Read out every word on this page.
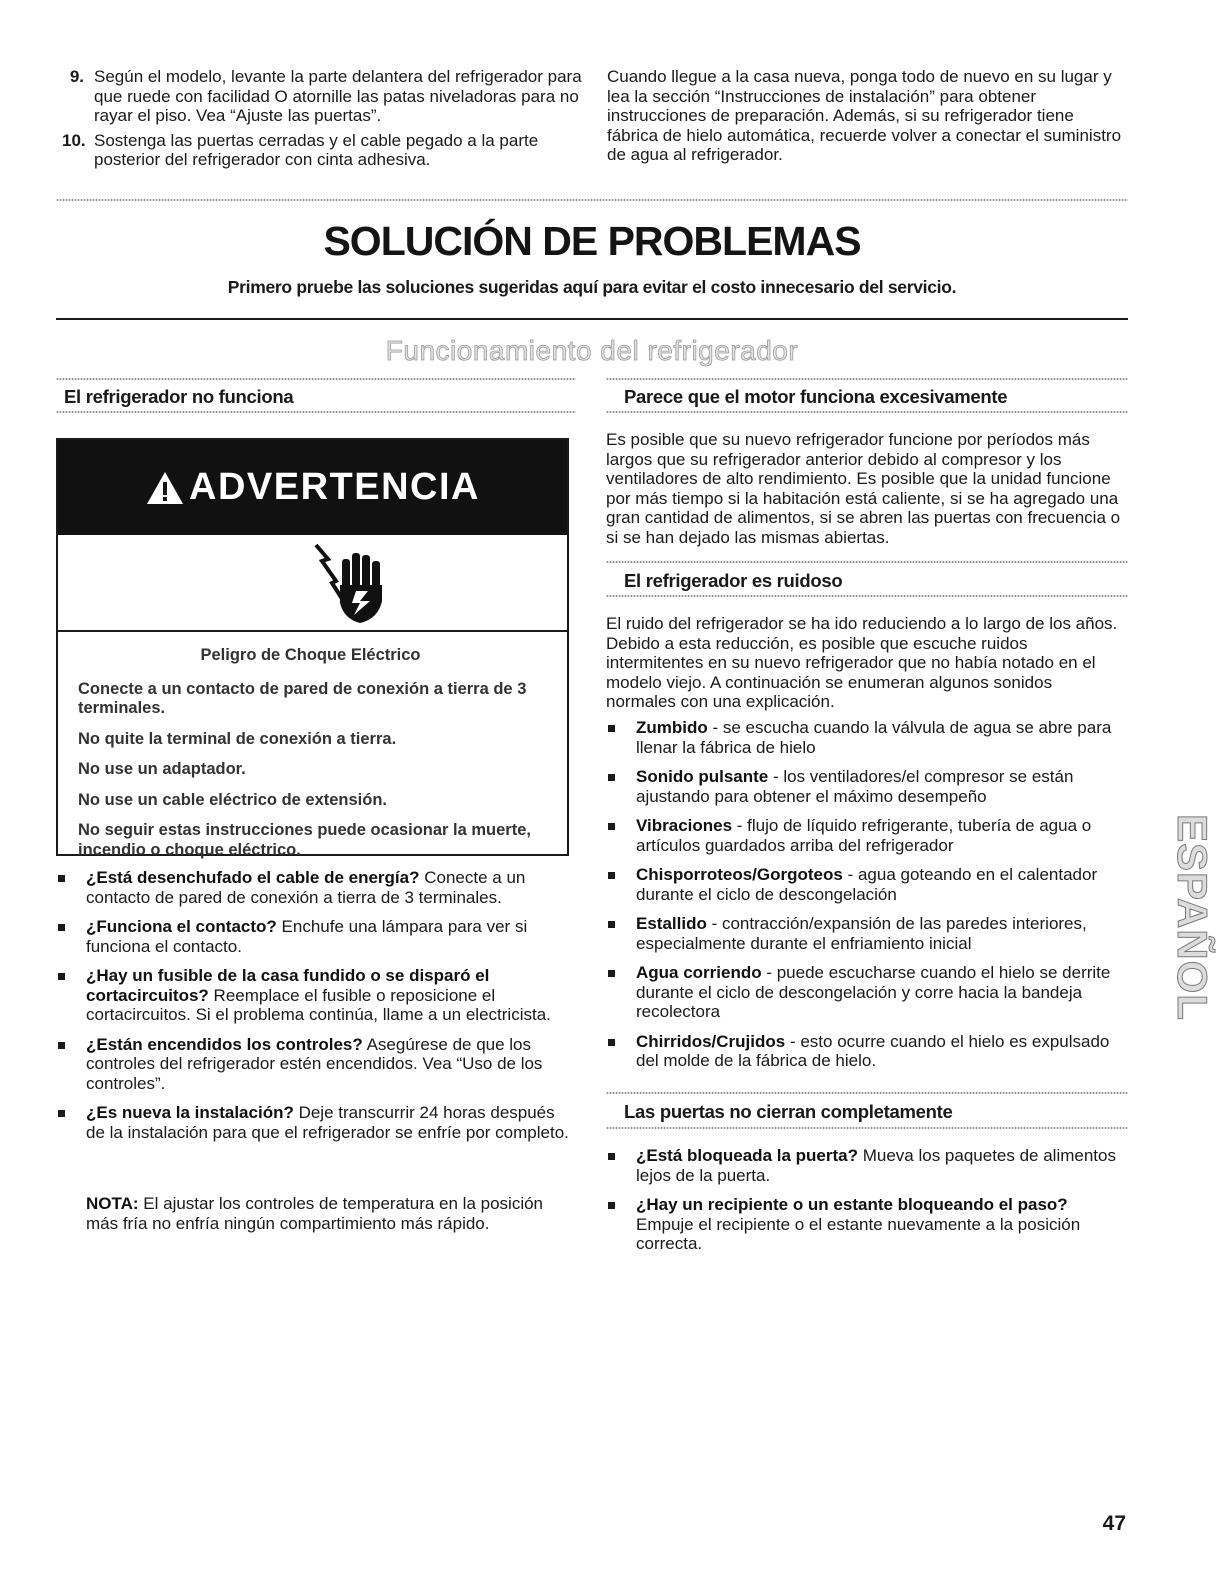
9. Según el modelo, levante la parte delantera del refrigerador para que ruede con facilidad O atornille las patas niveladoras para no rayar el piso. Vea “Ajuste las puertas”.
10. Sostenga las puertas cerradas y el cable pegado a la parte posterior del refrigerador con cinta adhesiva.

Cuando llegue a la casa nueva, ponga todo de nuevo en su lugar y lea la sección “Instrucciones de instalación” para obtener instrucciones de preparación. Además, si su refrigerador tiene fábrica de hielo automática, recuerde volver a conectar el suministro de agua al refrigerador.

SOLUCIÓN DE PROBLEMAS
Primero pruebe las soluciones sugeridas aquí para evitar el costo innecesario del servicio.
Funcionamiento del refrigerador
El refrigerador no funciona
ADVERTENCIA
Peligro de Choque Eléctrico

Conecte a un contacto de pared de conexión a tierra de 3 terminales.

No quite la terminal de conexión a tierra.

No use un adaptador.

No use un cable eléctrico de extensión.

No seguir estas instrucciones puede ocasionar la muerte, incendio o choque eléctrico.

¿Está desenchufado el cable de energía? Conecte a un contacto de pared de conexión a tierra de 3 terminales.
¿Funciona el contacto? Enchufe una lámpara para ver si funciona el contacto.
¿Hay un fusible de la casa fundido o se disparó el cortacircuitos? Reemplace el fusible o reposicione el cortacircuitos. Si el problema continúa, llame a un electricista.
¿Están encendidos los controles? Asegúrese de que los controles del refrigerador estén encendidos. Vea “Uso de los controles”.
¿Es nueva la instalación? Deje transcurrir 24 horas después de la instalación para que el refrigerador se enfríe por completo.

NOTA: El ajustar los controles de temperatura en la posición más fría no enfría ningún compartimiento más rápido.

Parece que el motor funciona excesivamente

Es posible que su nuevo refrigerador funcione por períodos más largos que su refrigerador anterior debido al compresor y los ventiladores de alto rendimiento. Es posible que la unidad funcione por más tiempo si la habitación está caliente, si se ha agregado una gran cantidad de alimentos, si se abren las puertas con frecuencia o si se han dejado las mismas abiertas.

El refrigerador es ruidoso

El ruido del refrigerador se ha ido reduciendo a lo largo de los años. Debido a esta reducción, es posible que escuche ruidos intermitentes en su nuevo refrigerador que no había notado en el modelo viejo. A continuación se enumeran algunos sonidos normales con una explicación.

Zumbido - se escucha cuando la válvula de agua se abre para llenar la fábrica de hielo
Sonido pulsante - los ventiladores/el compresor se están ajustando para obtener el máximo desempeño
Vibraciones - flujo de líquido refrigerante, tubería de agua o artículos guardados arriba del refrigerador
Chisporroteos/Gorgoteos - agua goteando en el calentador durante el ciclo de descongelación
Estallido - contracción/expansión de las paredes interiores, especialmente durante el enfriamiento inicial
Agua corriendo - puede escucharse cuando el hielo se derrite durante el ciclo de descongelación y corre hacia la bandeja recolectora
Chirridos/Crujidos - esto ocurre cuando el hielo es expulsado del molde de la fábrica de hielo.
Las puertas no cierran completamente
¿Está bloqueada la puerta? Mueva los paquetes de alimentos lejos de la puerta.
¿Hay un recipiente o un estante bloqueando el paso? Empuje el recipiente o el estante nuevamente a la posición correcta.
ESPAÑOL
47
